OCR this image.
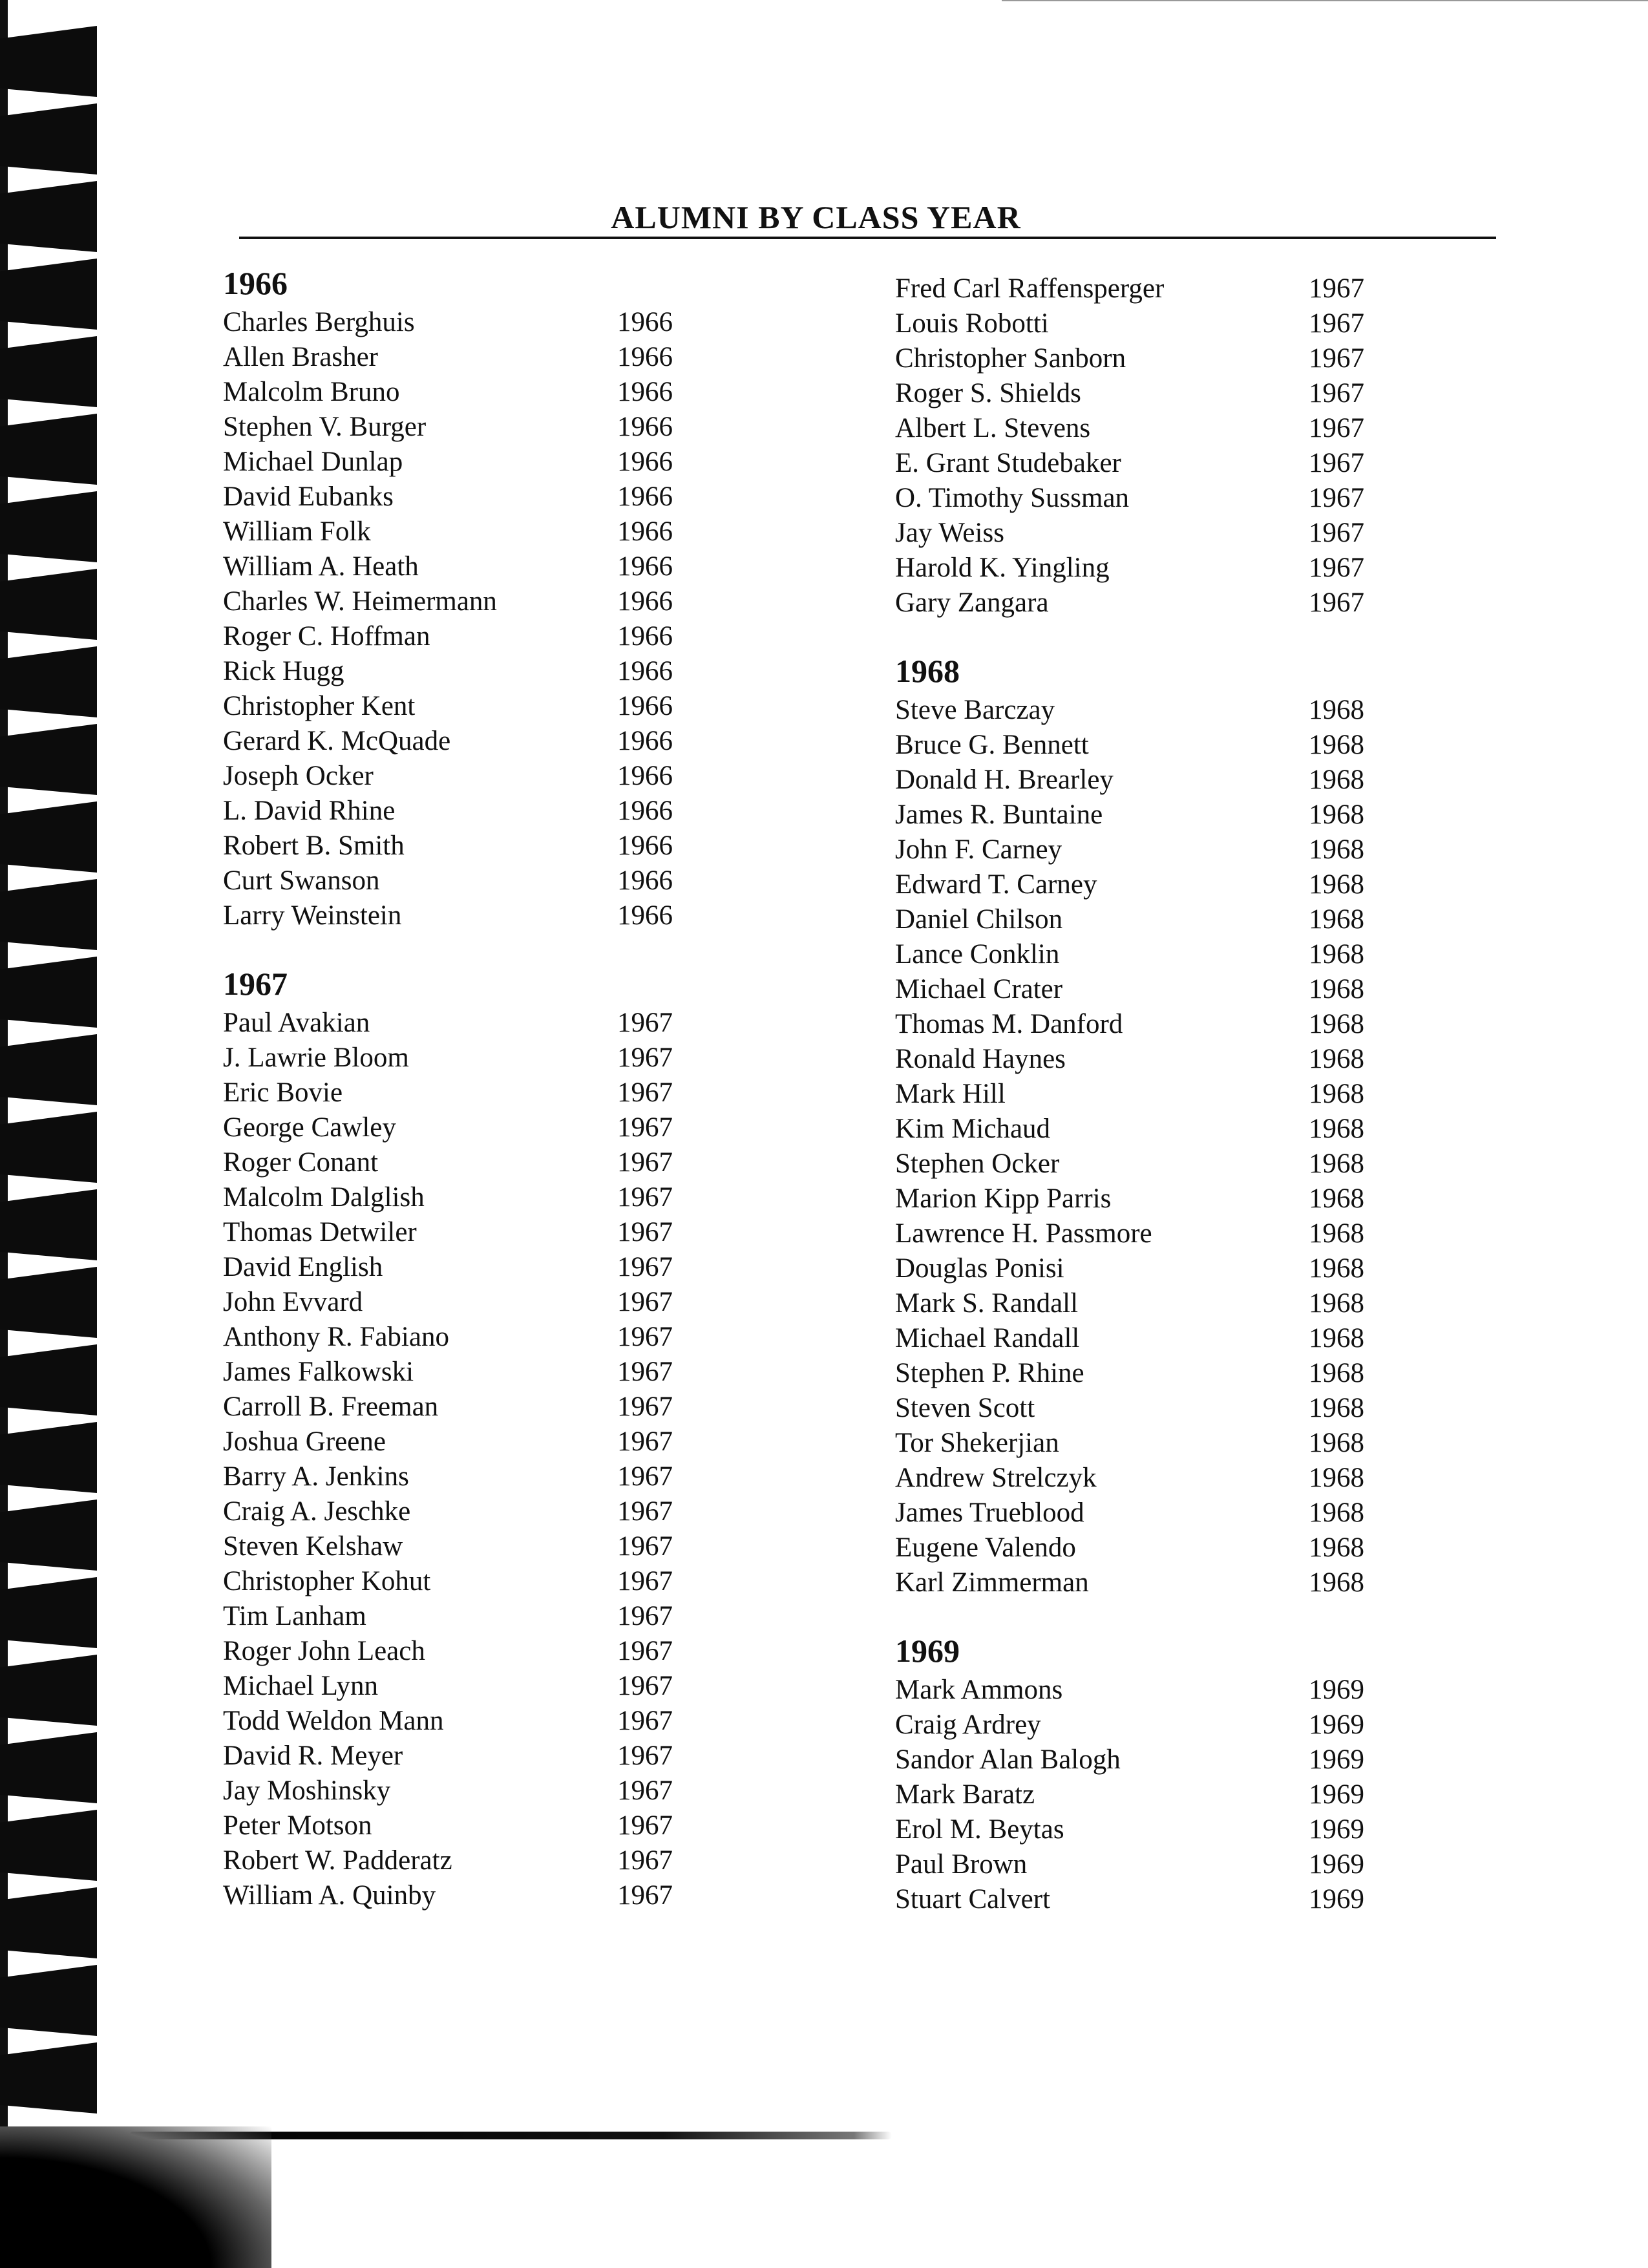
ALUMNI BY CLASS YEAR
1966
Charles Berghuis	1966
Allen Brasher	1966
Malcolm Bruno	1966
Stephen V. Burger	1966
Michael Dunlap	1966
David Eubanks	1966
William Folk	1966
William A. Heath	1966
Charles W. Heimermann	1966
Roger C. Hoffman	1966
Rick Hugg	1966
Christopher Kent	1966
Gerard K. McQuade	1966
Joseph Ocker	1966
L. David Rhine	1966
Robert B. Smith	1966
Curt Swanson	1966
Larry Weinstein	1966
1967
Paul Avakian	1967
J. Lawrie Bloom	1967
Eric Bovie	1967
George Cawley	1967
Roger Conant	1967
Malcolm Dalglish	1967
Thomas Detwiler	1967
David English	1967
John Evvard	1967
Anthony R. Fabiano	1967
James Falkowski	1967
Carroll B. Freeman	1967
Joshua Greene	1967
Barry A. Jenkins	1967
Craig A. Jeschke	1967
Steven Kelshaw	1967
Christopher Kohut	1967
Tim Lanham	1967
Roger John Leach	1967
Michael Lynn	1967
Todd Weldon Mann	1967
David R. Meyer	1967
Jay Moshinsky	1967
Peter Motson	1967
Robert W. Padderatz	1967
William A. Quinby	1967
Fred Carl Raffensperger	1967
Louis Robotti	1967
Christopher Sanborn	1967
Roger S. Shields	1967
Albert L. Stevens	1967
E. Grant Studebaker	1967
O. Timothy Sussman	1967
Jay Weiss	1967
Harold K. Yingling	1967
Gary Zangara	1967
1968
Steve Barczay	1968
Bruce G. Bennett	1968
Donald H. Brearley	1968
James R. Buntaine	1968
John F. Carney	1968
Edward T. Carney	1968
Daniel Chilson	1968
Lance Conklin	1968
Michael Crater	1968
Thomas M. Danford	1968
Ronald Haynes	1968
Mark Hill	1968
Kim Michaud	1968
Stephen Ocker	1968
Marion Kipp Parris	1968
Lawrence H. Passmore	1968
Douglas Ponisi	1968
Mark S. Randall	1968
Michael Randall	1968
Stephen P. Rhine	1968
Steven Scott	1968
Tor Shekerjian	1968
Andrew Strelczyk	1968
James Trueblood	1968
Eugene Valendo	1968
Karl Zimmerman	1968
1969
Mark Ammons	1969
Craig Ardrey	1969
Sandor Alan Balogh	1969
Mark Baratz	1969
Erol M. Beytas	1969
Paul Brown	1969
Stuart Calvert	1969
